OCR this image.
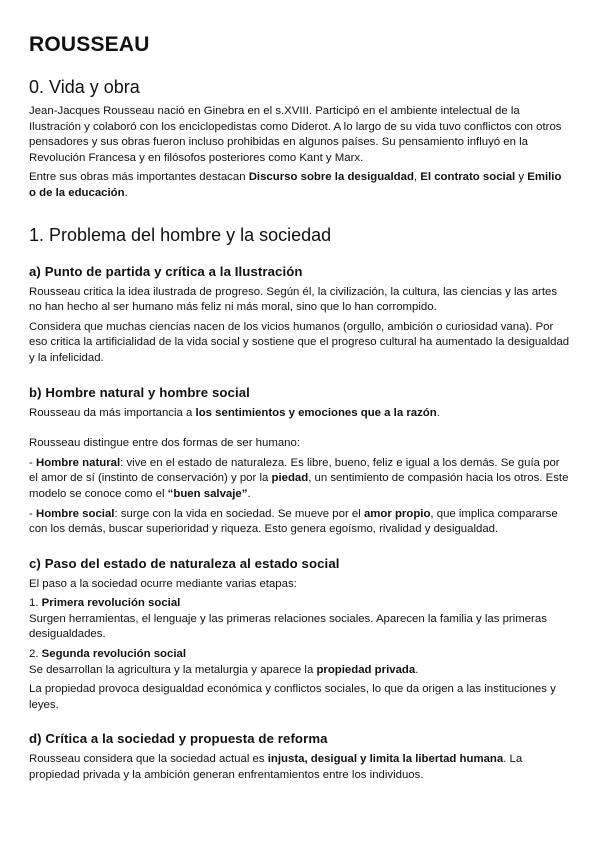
ROUSSEAU
0. Vida y obra

Jean-Jacques Rousseau nació en Ginebra en el s.XVIII. Participó en el ambiente intelectual de la Ilustración y colaboró con los enciclopedistas como Diderot. A lo largo de su vida tuvo conflictos con otros pensadores y sus obras fueron incluso prohibidas en algunos países. Su pensamiento influyó en la Revolución Francesa y en filósofos posteriores como Kant y Marx.

Entre sus obras más importantes destacan Discurso sobre la desigualdad, El contrato social y Emilio o de la educación.

1. Problema del hombre y la sociedad
a) Punto de partida y crítica a la Ilustración

Rousseau critica la idea ilustrada de progreso. Según él, la civilización, la cultura, las ciencias y las artes no han hecho al ser humano más feliz ni más moral, sino que lo han corrompido.

Considera que muchas ciencias nacen de los vicios humanos (orgullo, ambición o curiosidad vana). Por eso critica la artificialidad de la vida social y sostiene que el progreso cultural ha aumentado la desigualdad y la infelicidad.

b) Hombre natural y hombre social

Rousseau da más importancia a los sentimientos y emociones que a la razón.

Rousseau distingue entre dos formas de ser humano:

- Hombre natural: vive en el estado de naturaleza. Es libre, bueno, feliz e igual a los demás. Se guía por el amor de sí (instinto de conservación) y por la piedad, un sentimiento de compasión hacia los otros. Este modelo se conoce como el “buen salvaje”.

- Hombre social: surge con la vida en sociedad. Se mueve por el amor propio, que implica compararse con los demás, buscar superioridad y riqueza. Esto genera egoísmo, rivalidad y desigualdad.

c) Paso del estado de naturaleza al estado social

El paso a la sociedad ocurre mediante varias etapas:

1. Primera revolución social
Surgen herramientas, el lenguaje y las primeras relaciones sociales. Aparecen la familia y las primeras desigualdades.

2. Segunda revolución social
Se desarrollan la agricultura y la metalurgia y aparece la propiedad privada.

La propiedad provoca desigualdad económica y conflictos sociales, lo que da origen a las instituciones y leyes.

d) Crítica a la sociedad y propuesta de reforma

Rousseau considera que la sociedad actual es injusta, desigual y limita la libertad humana. La propiedad privada y la ambición generan enfrentamientos entre los individuos.
